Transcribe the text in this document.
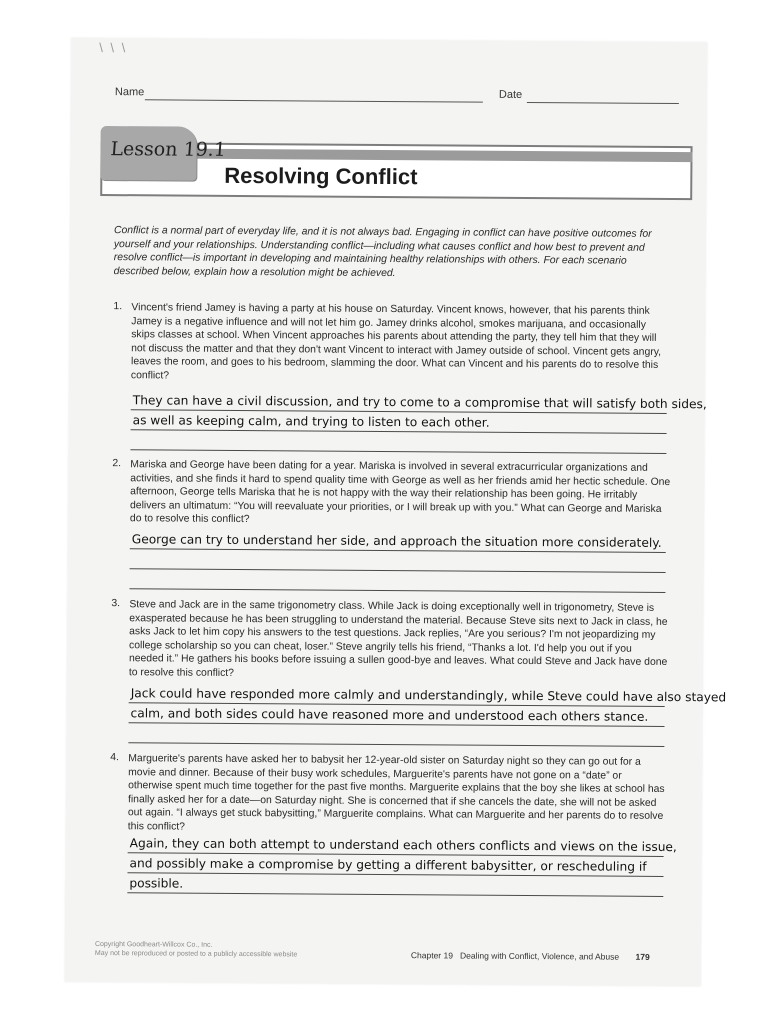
\ \ \
Name	Date
Lesson 19.1
Resolving Conflict
Conflict is a normal part of everyday life, and it is not always bad. Engaging in conflict can have positive outcomes for yourself and your relationships. Understanding conflict—including what causes conflict and how best to prevent and resolve conflict—is important in developing and maintaining healthy relationships with others. For each scenario described below, explain how a resolution might be achieved.
1. Vincent's friend Jamey is having a party at his house on Saturday. Vincent knows, however, that his parents think Jamey is a negative influence and will not let him go. Jamey drinks alcohol, smokes marijuana, and occasionally skips classes at school. When Vincent approaches his parents about attending the party, they tell him that they will not discuss the matter and that they don't want Vincent to interact with Jamey outside of school. Vincent gets angry, leaves the room, and goes to his bedroom, slamming the door. What can Vincent and his parents do to resolve this conflict?
They can have a civil discussion, and try to come to a compromise that will satisfy both sides,
as well as keeping calm, and trying to listen to each other.
2. Mariska and George have been dating for a year. Mariska is involved in several extracurricular organizations and activities, and she finds it hard to spend quality time with George as well as her friends amid her hectic schedule. One afternoon, George tells Mariska that he is not happy with the way their relationship has been going. He irritably delivers an ultimatum: “You will reevaluate your priorities, or I will break up with you.” What can George and Mariska do to resolve this conflict?
George can try to understand her side, and approach the situation more considerately.
3. Steve and Jack are in the same trigonometry class. While Jack is doing exceptionally well in trigonometry, Steve is exasperated because he has been struggling to understand the material. Because Steve sits next to Jack in class, he asks Jack to let him copy his answers to the test questions. Jack replies, “Are you serious? I'm not jeopardizing my college scholarship so you can cheat, loser.” Steve angrily tells his friend, “Thanks a lot. I'd help you out if you needed it.” He gathers his books before issuing a sullen good-bye and leaves. What could Steve and Jack have done to resolve this conflict?
Jack could have responded more calmly and understandingly, while Steve could have also stayed
calm, and both sides could have reasoned more and understood each others stance.
4. Marguerite's parents have asked her to babysit her 12-year-old sister on Saturday night so they can go out for a movie and dinner. Because of their busy work schedules, Marguerite's parents have not gone on a “date” or otherwise spent much time together for the past five months. Marguerite explains that the boy she likes at school has finally asked her for a date—on Saturday night. She is concerned that if she cancels the date, she will not be asked out again. “I always get stuck babysitting,” Marguerite complains. What can Marguerite and her parents do to resolve this conflict?
Again, they can both attempt to understand each others conflicts and views on the issue,
and possibly make a compromise by getting a different babysitter, or rescheduling if
possible.
Copyright Goodheart-Willcox Co., Inc.
May not be reproduced or posted to a publicly accessible website	Chapter 19 Dealing with Conflict, Violence, and Abuse 179
